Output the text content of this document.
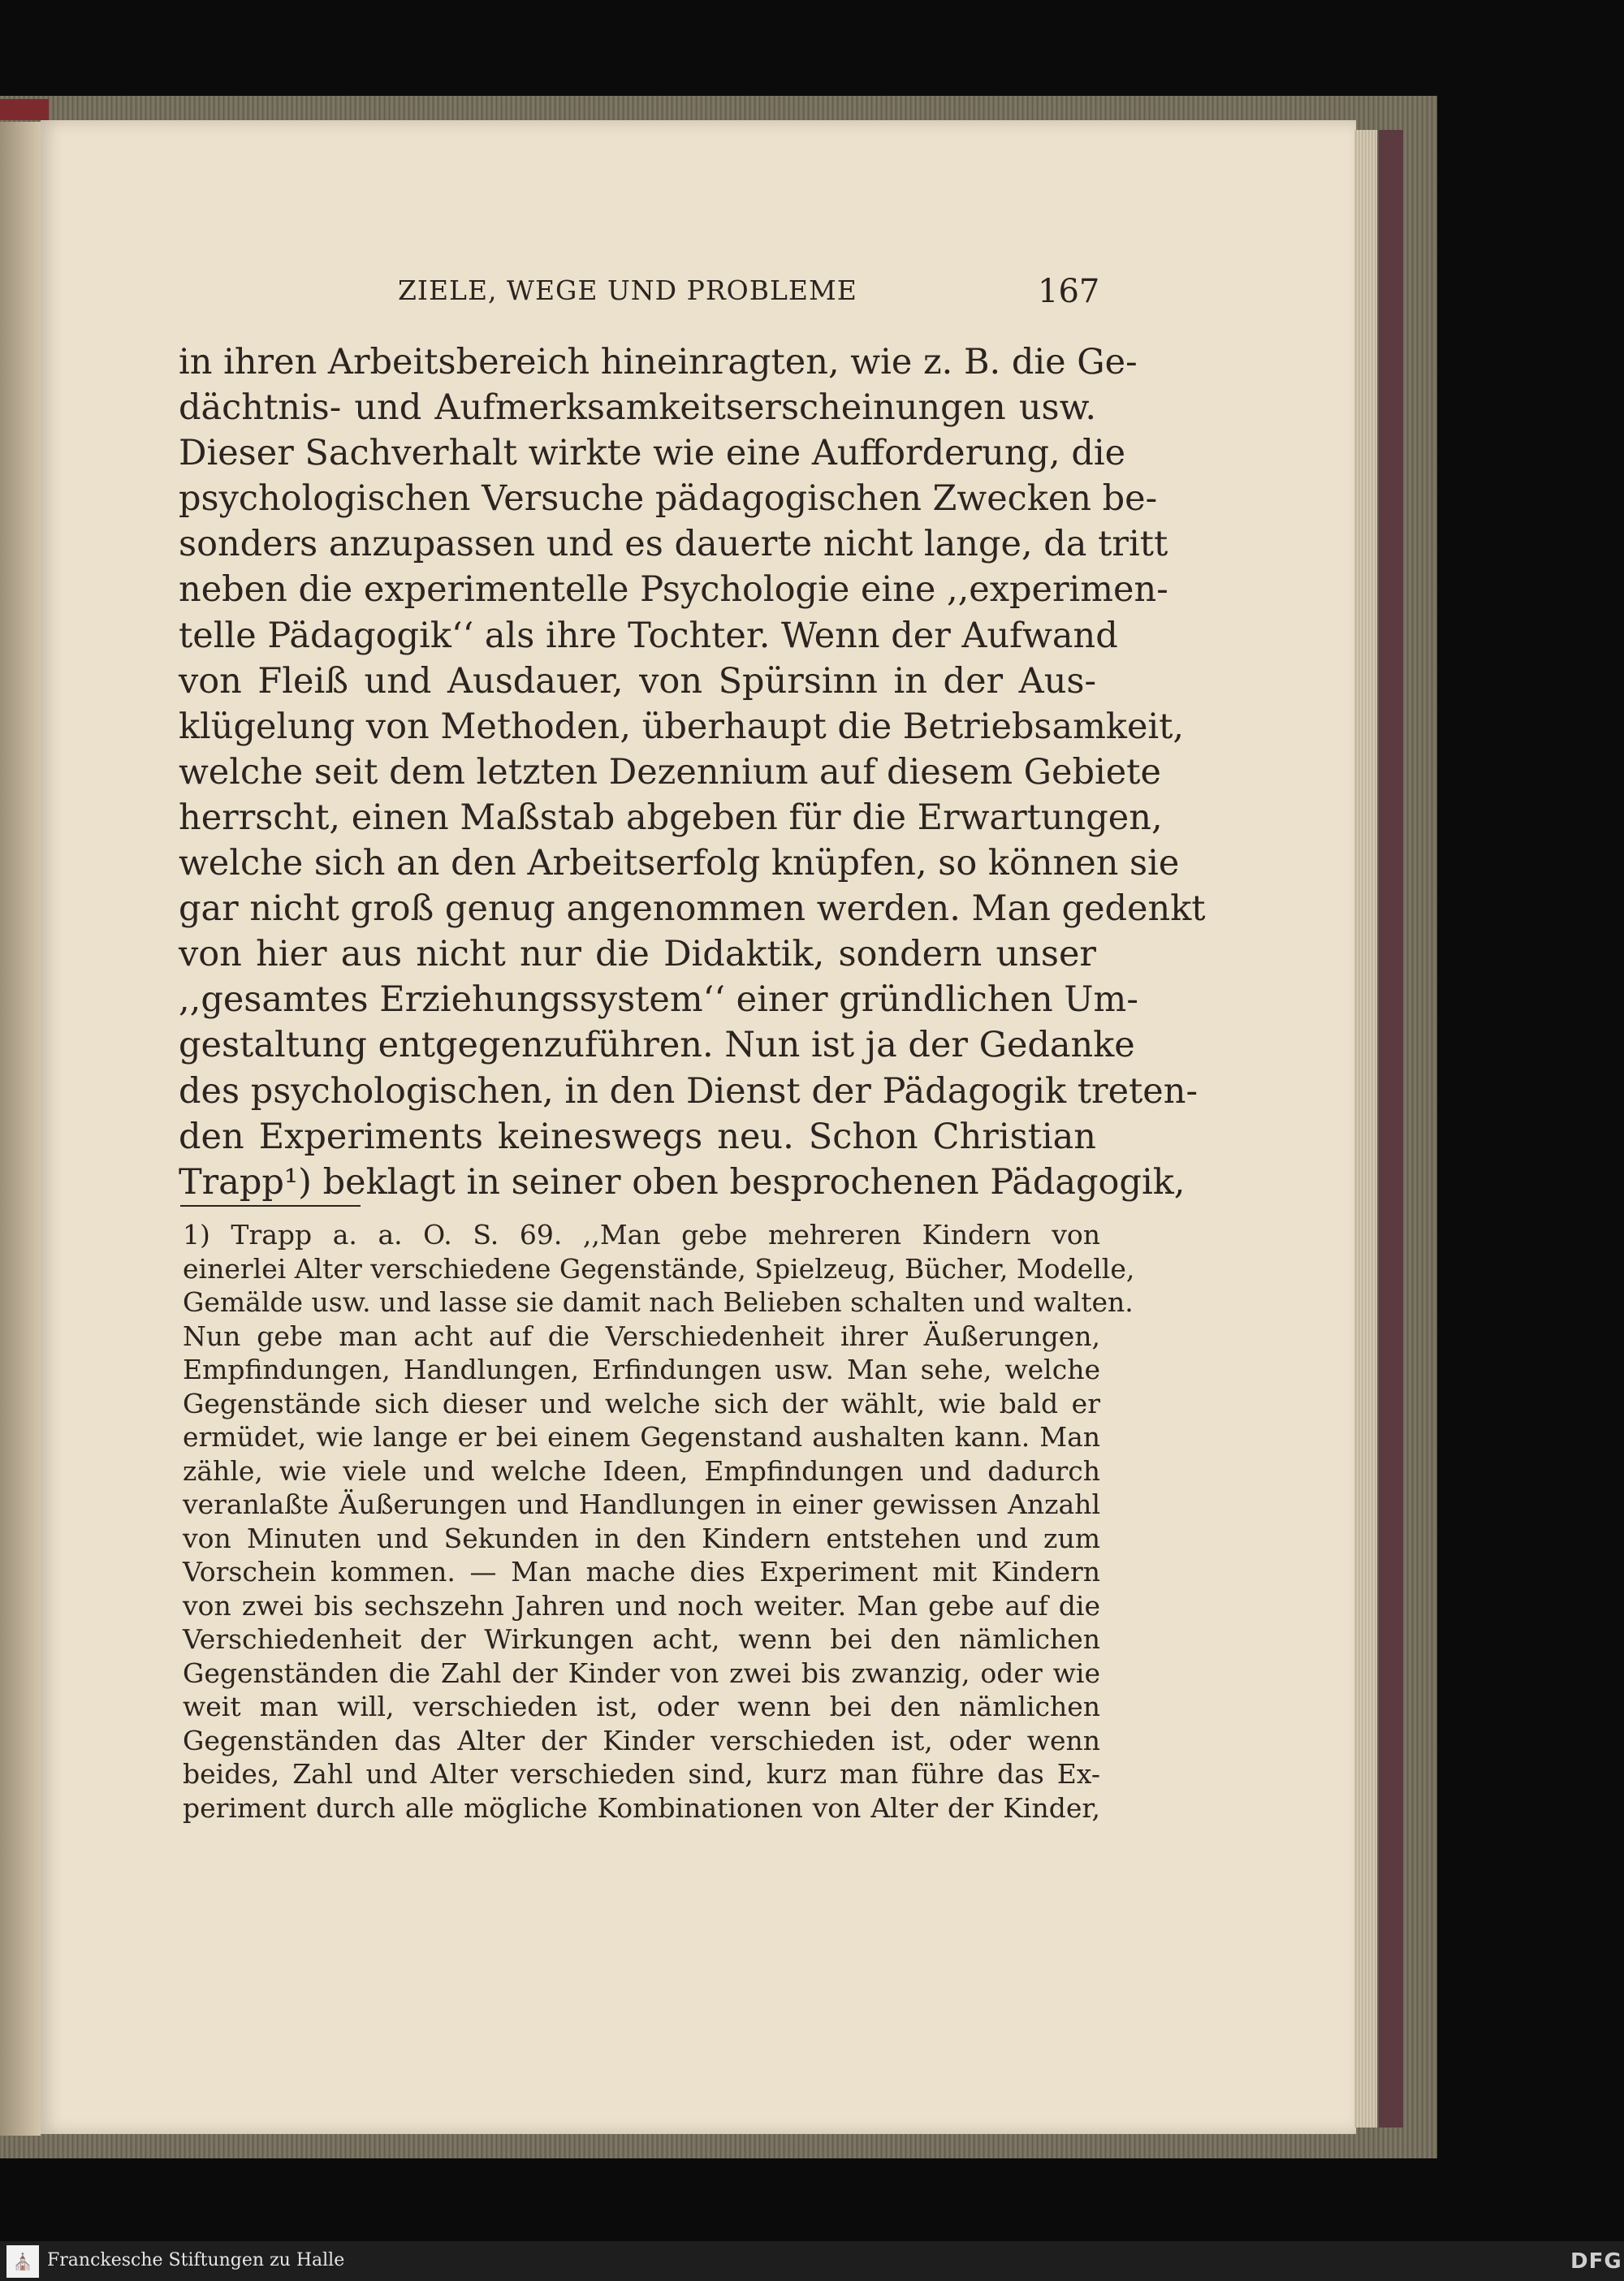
ZIELE, WEGE UND PROBLEME	167
in ihren Arbeitsbereich hineinragten, wie z. B. die Ge-
dächtnis- und Aufmerksamkeitserscheinungen usw.
Dieser Sachverhalt wirkte wie eine Aufforderung, die
psychologischen Versuche pädagogischen Zwecken be-
sonders anzupassen und es dauerte nicht lange, da tritt
neben die experimentelle Psychologie eine ,,experimen-
telle Pädagogik‘‘ als ihre Tochter. Wenn der Aufwand
von Fleiß und Ausdauer, von Spürsinn in der Aus-
klügelung von Methoden, überhaupt die Betriebsamkeit,
welche seit dem letzten Dezennium auf diesem Gebiete
herrscht, einen Maßstab abgeben für die Erwartungen,
welche sich an den Arbeitserfolg knüpfen, so können sie
gar nicht groß genug angenommen werden. Man gedenkt
von hier aus nicht nur die Didaktik, sondern unser
,,gesamtes Erziehungssystem‘‘ einer gründlichen Um-
gestaltung entgegenzuführen. Nun ist ja der Gedanke
des psychologischen, in den Dienst der Pädagogik treten-
den Experiments keineswegs neu. Schon Christian
Trapp¹) beklagt in seiner oben besprochenen Pädagogik,
1) Trapp a. a. O. S. 69. ,,Man gebe mehreren Kindern von
einerlei Alter verschiedene Gegenstände, Spielzeug, Bücher, Modelle,
Gemälde usw. und lasse sie damit nach Belieben schalten und walten.
Nun gebe man acht auf die Verschiedenheit ihrer Äußerungen,
Empfindungen, Handlungen, Erfindungen usw. Man sehe, welche
Gegenstände sich dieser und welche sich der wählt, wie bald er
ermüdet, wie lange er bei einem Gegenstand aushalten kann. Man
zähle, wie viele und welche Ideen, Empfindungen und dadurch
veranlaßte Äußerungen und Handlungen in einer gewissen Anzahl
von Minuten und Sekunden in den Kindern entstehen und zum
Vorschein kommen. — Man mache dies Experiment mit Kindern
von zwei bis sechszehn Jahren und noch weiter. Man gebe auf die
Verschiedenheit der Wirkungen acht, wenn bei den nämlichen
Gegenständen die Zahl der Kinder von zwei bis zwanzig, oder wie
weit man will, verschieden ist, oder wenn bei den nämlichen
Gegenständen das Alter der Kinder verschieden ist, oder wenn
beides, Zahl und Alter verschieden sind, kurz man führe das Ex-
periment durch alle mögliche Kombinationen von Alter der Kinder,
⛪ Franckesche Stiftungen zu Halle	DFG
